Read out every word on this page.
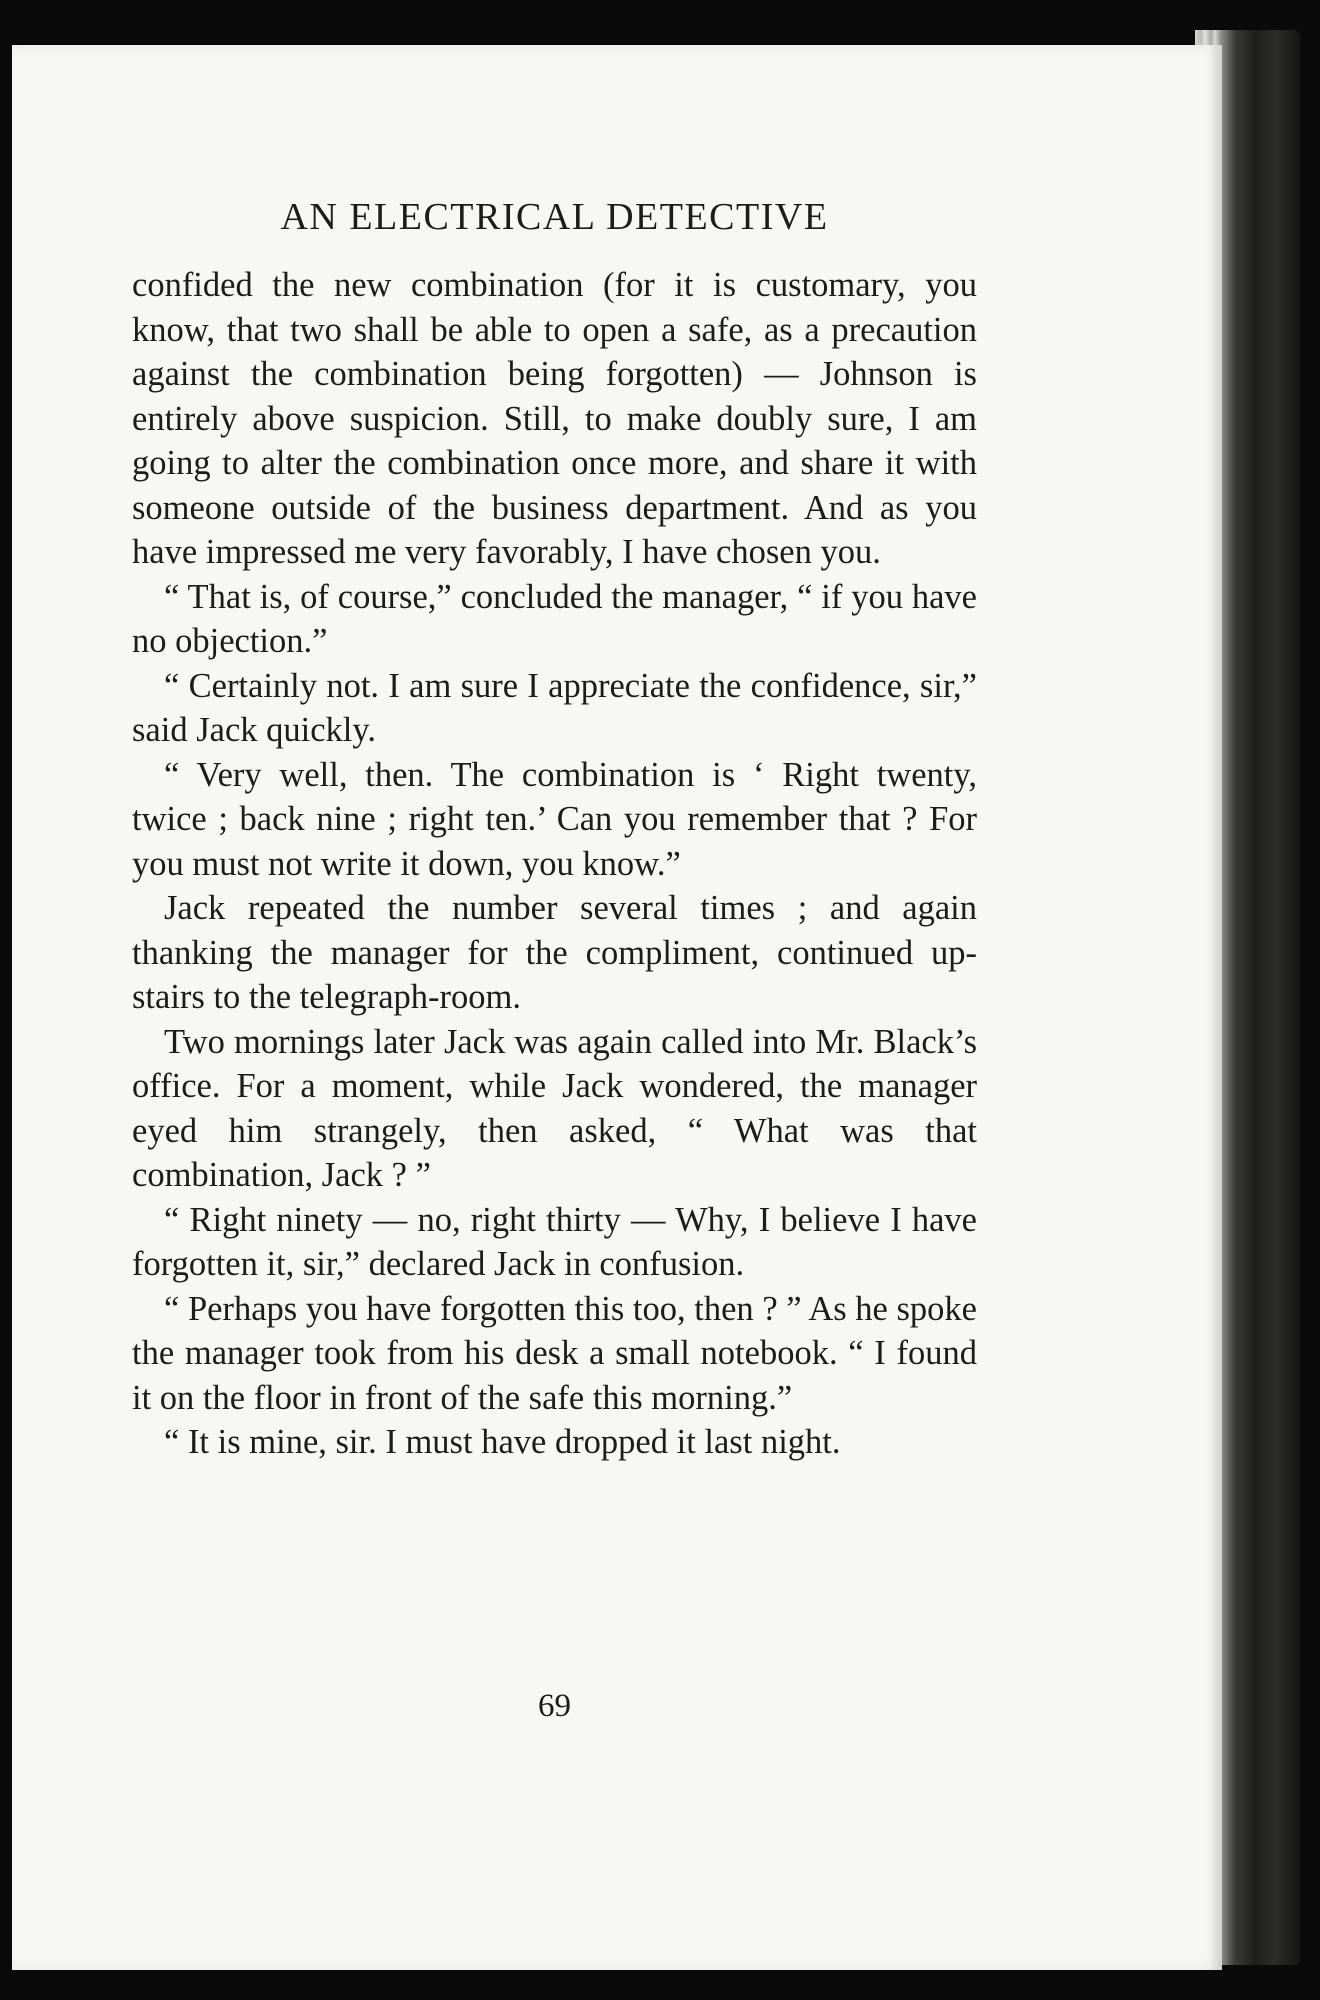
AN ELECTRICAL DETECTIVE

confided the new combination (for it is customary, you know, that two shall be able to open a safe, as a precaution against the combination being forgotten) — Johnson is entirely above suspicion. Still, to make doubly sure, I am going to alter the combination once more, and share it with someone outside of the business department. And as you have impressed me very favorably, I have chosen you.

“ That is, of course,” concluded the manager, “ if you have no objection.”

“ Certainly not. I am sure I appreciate the confidence, sir,” said Jack quickly.

“ Very well, then. The combination is ‘ Right twenty, twice ; back nine ; right ten.’ Can you remember that ? For you must not write it down, you know.”

Jack repeated the number several times ; and again thanking the manager for the compliment, continued up-stairs to the telegraph-room.

Two mornings later Jack was again called into Mr. Black’s office. For a moment, while Jack wondered, the manager eyed him strangely, then asked, “ What was that combination, Jack ? ”

“ Right ninety — no, right thirty — Why, I believe I have forgotten it, sir,” declared Jack in confusion.

“ Perhaps you have forgotten this too, then ? ” As he spoke the manager took from his desk a small notebook. “ I found it on the floor in front of the safe this morning.”

“ It is mine, sir. I must have dropped it last night.

69
